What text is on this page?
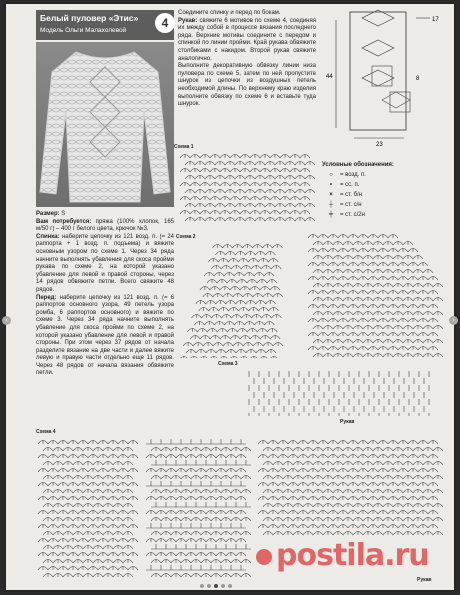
Белый пуловер «Этис»
Модель Ольги Малахолевой
4
Размер: S
Вам потребуется: пряжа (100% хлопок, 165 м/50 г) – 400 г белого цвета, крючок №3.
Спинка: наберите цепочку из 121 возд. п. (= 24 раппорта + 1 возд. п. подъема) и вяжите основным узором по схеме 1. Через 34 ряда начните выполнять убавления для скоса пройми рукава по схеме 2, на которой указано убавление для левой и правой стороны, через 14 рядов обвяжите петли. Всего свяжите 48 рядов.
Перед: наберите цепочку из 121 возд. п. (= 6 раппортов основного узора, 49 петель узора ромба, 6 раппортов основного) и вяжите по схеме 3. Через 34 ряда начните выполнять убавление для скоса пройми по схеме 2, на которой указано убавление для левой и правой стороны. При этом через 37 рядов от начала разделите вязание на две части и далее вяжите левую и правую части отдельно еще 11 рядов. Через 48 рядов от начала вязания обвяжите петли.
Соедините спинку и перед по бокам.
Рукав: свяжите 6 мотивов по схеме 4, соединяя их между собой в процессе вязания последнего ряда. Верхние мотивы соедините с передом и спинкой по линии пройми. Край рукава обвяжите столбиками с накидом. Второй рукав свяжите аналогично.
Выполните декоративную обвязку линии низа пуловера по схеме 5, затем по ней пропустите шнурок из цепочки из воздушных петель необходимой длины. По верхнему краю изделия выполните обвязку по схеме 6 и вставьте туда шнурок.
23
44
17
8
Схема 1
Схема 2
Схема 3
Схема 4
Рукав
Рукав
Условные обозначения:
○ = возд. п.
• = сс. п.
× = ст. б/н
┼ = ст. с/н
╪ = ст. с/2н
postila.ru
‹	›
